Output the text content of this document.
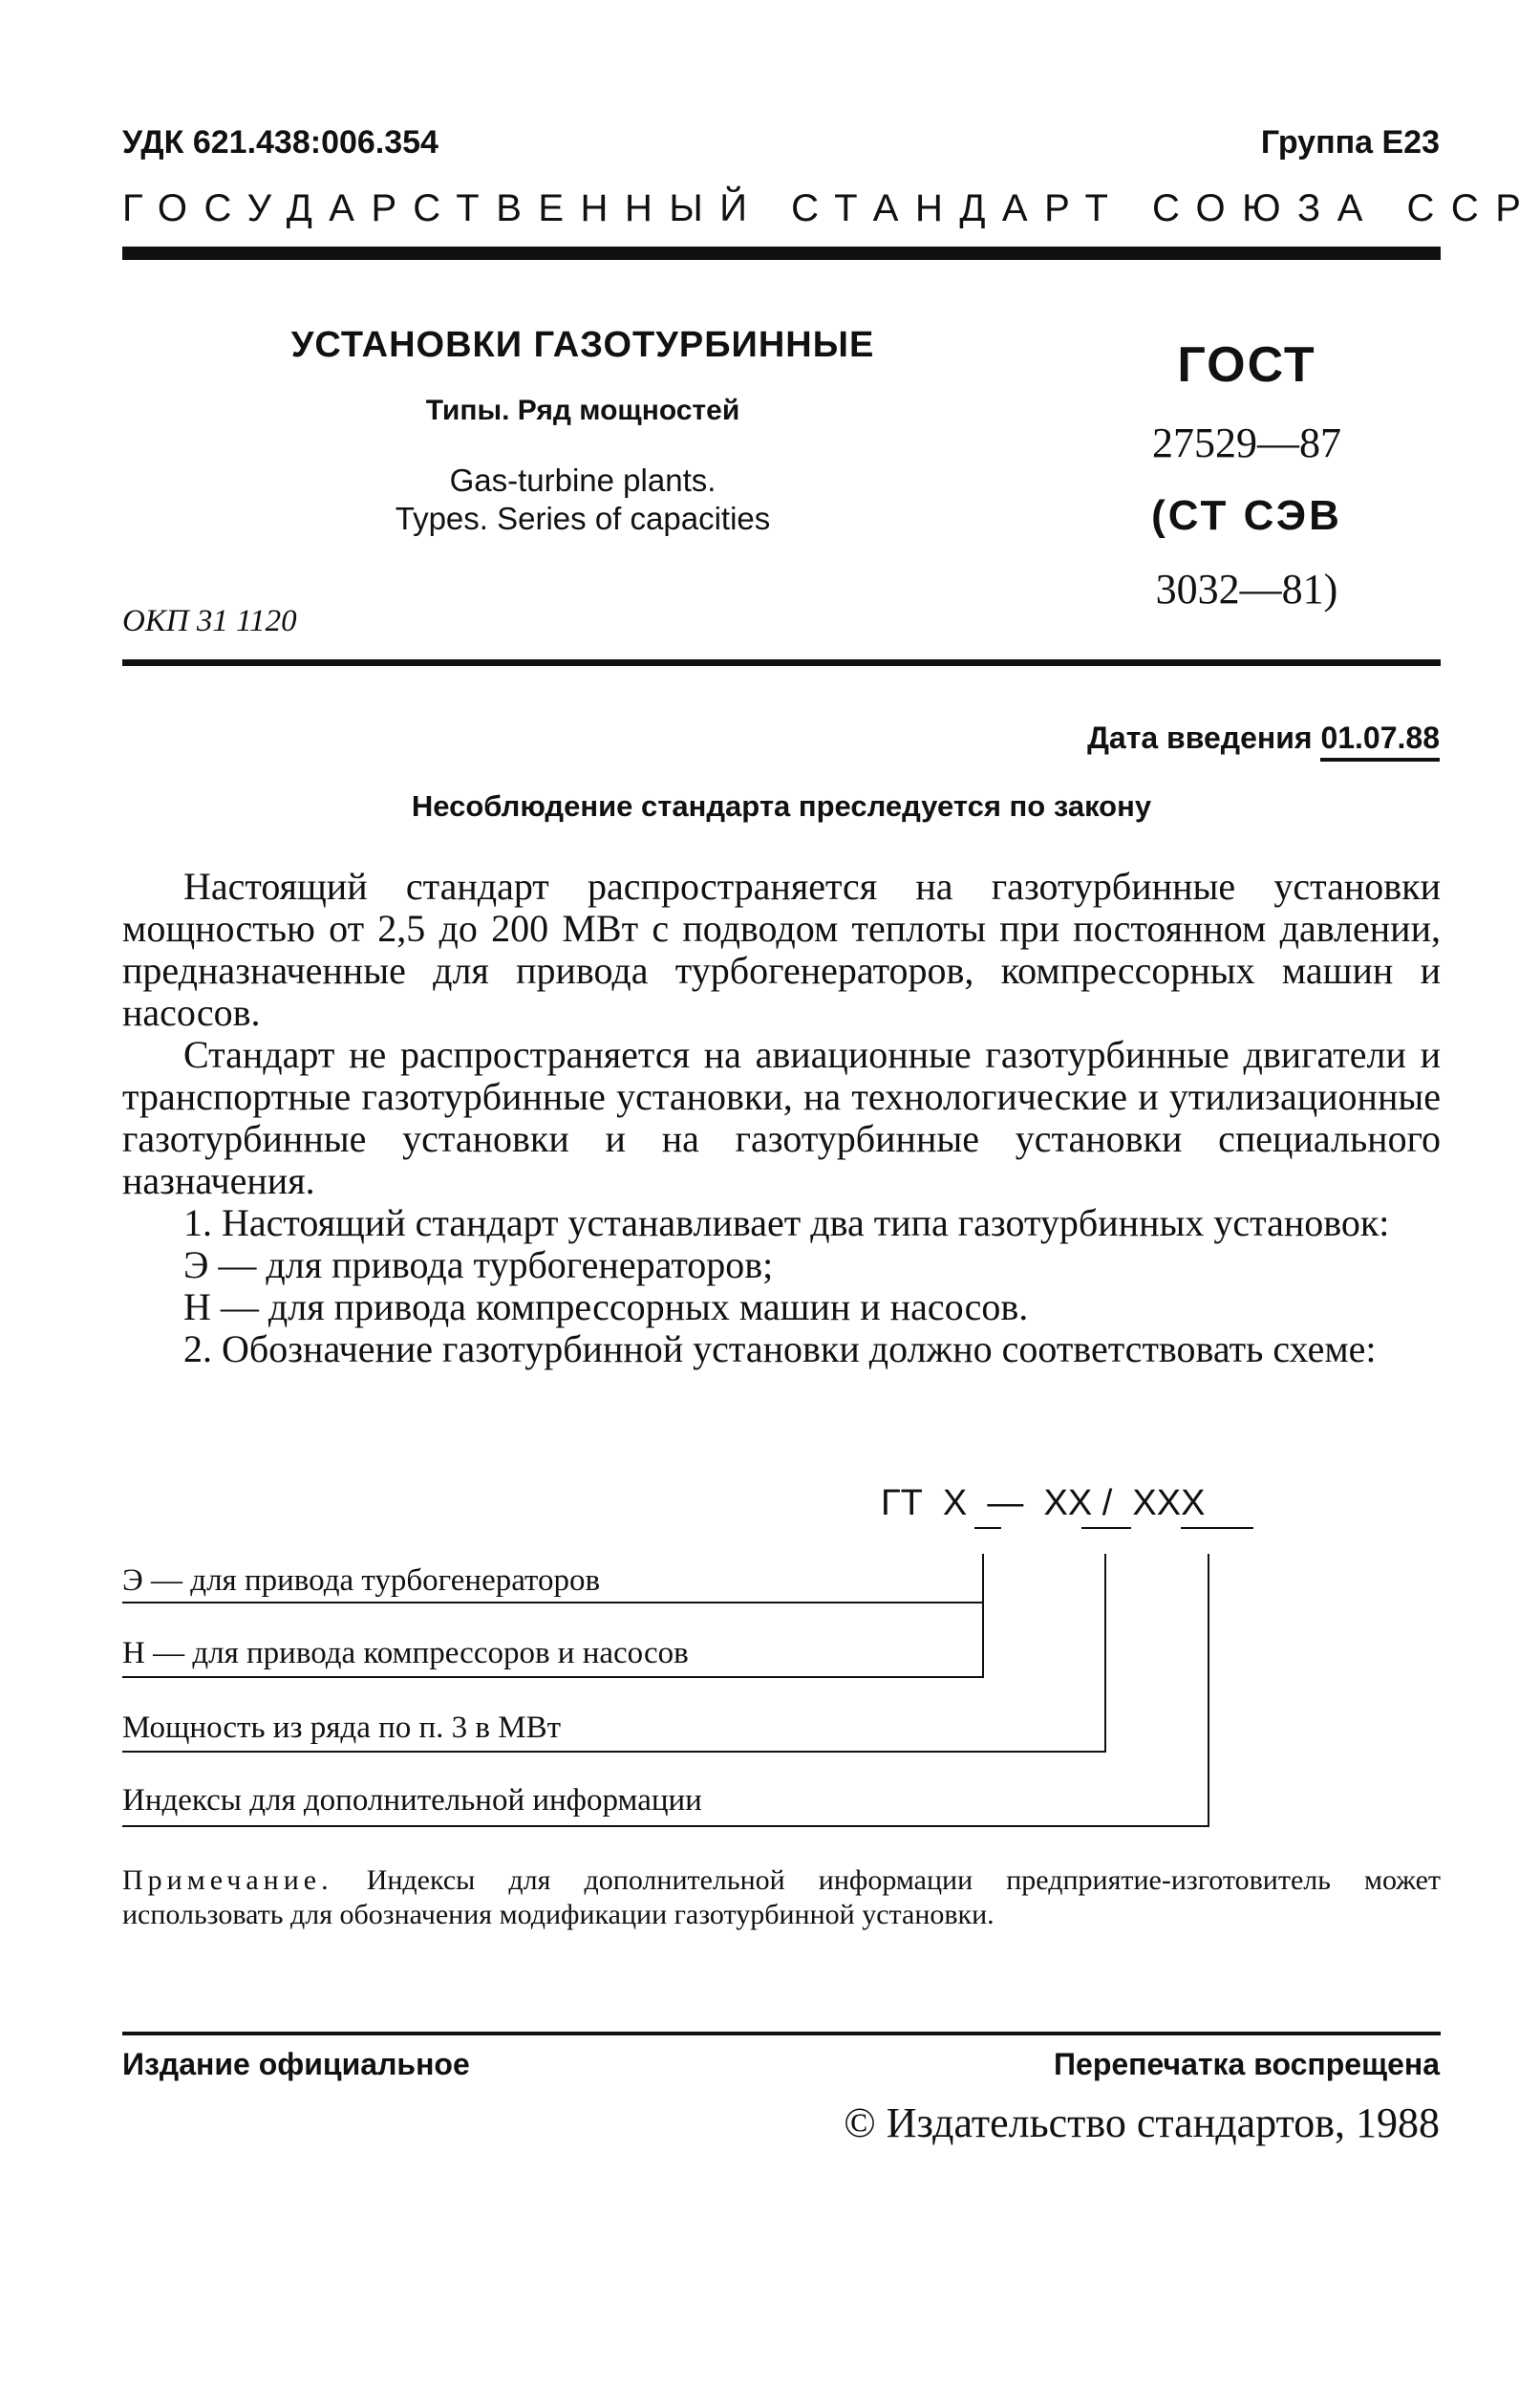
УДК 621.438:006.354	Группа Е23
ГОСУДАРСТВЕННЫЙ СТАНДАРТ СОЮЗА ССР
УСТАНОВКИ ГАЗОТУРБИННЫЕ
Типы. Ряд мощностей
Gas-turbine plants.
Types. Series of capacities
ГОСТ
27529—87
(СТ СЭВ
3032—81)
ОКП 31 1120
Дата введения 01.07.88
Несоблюдение стандарта преследуется по закону

Настоящий стандарт распространяется на газотурбинные установки мощностью от 2,5 до 200 МВт с подводом теплоты при постоянном давлении, предназначенные для привода турбогенераторов, компрессорных машин и насосов.

Стандарт не распространяется на авиационные газотурбинные двигатели и транспортные газотурбинные установки, на технологические и утилизационные газотурбинные установки и на газотурбинные установки специального назначения.

1. Настоящий стандарт устанавливает два типа газотурбинных установок:

Э — для привода турбогенераторов;

Н — для привода компрессорных машин и насосов.

2. Обозначение газотурбинной установки должно соответствовать схеме:

ГТ  X  —  XX /  XXX
Э — для привода турбогенераторов
Н — для привода компрессоров и насосов
Мощность из ряда по п. 3 в МВт
Индексы для дополнительной информации
Примечание. Индексы для дополнительной информации предприятие-изготовитель может использовать для обозначения модификации газотурбинной установки.
Издание официальное	Перепечатка воспрещена
© Издательство стандартов, 1988
